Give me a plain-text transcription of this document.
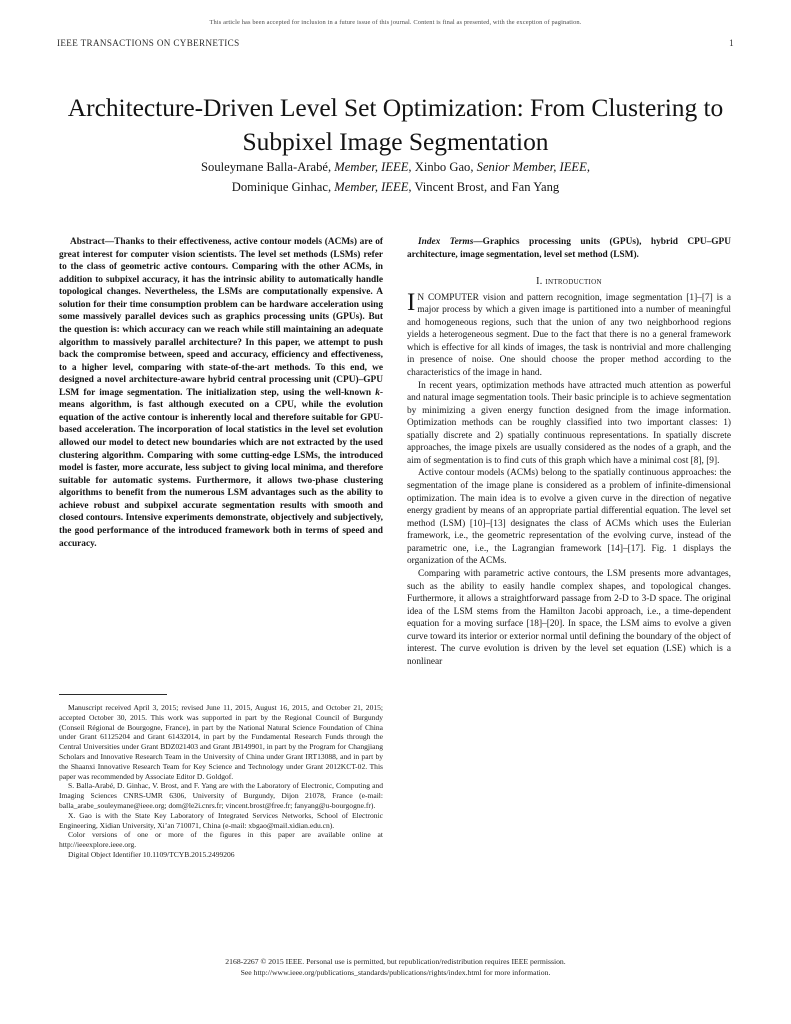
This article has been accepted for inclusion in a future issue of this journal. Content is final as presented, with the exception of pagination.
IEEE TRANSACTIONS ON CYBERNETICS	1
Architecture-Driven Level Set Optimization: From Clustering to Subpixel Image Segmentation
Souleymane Balla-Arabé, Member, IEEE, Xinbo Gao, Senior Member, IEEE,
Dominique Ginhac, Member, IEEE, Vincent Brost, and Fan Yang

Abstract—Thanks to their effectiveness, active contour models (ACMs) are of great interest for computer vision scientists. The level set methods (LSMs) refer to the class of geometric active contours. Comparing with the other ACMs, in addition to subpixel accuracy, it has the intrinsic ability to automatically handle topological changes. Nevertheless, the LSMs are computationally expensive. A solution for their time consumption problem can be hardware acceleration using some massively parallel devices such as graphics processing units (GPUs). But the question is: which accuracy can we reach while still maintaining an adequate algorithm to massively parallel architecture? In this paper, we attempt to push back the compromise between, speed and accuracy, efficiency and effectiveness, to a higher level, comparing with state-of-the-art methods. To this end, we designed a novel architecture-aware hybrid central processing unit (CPU)–GPU LSM for image segmentation. The initialization step, using the well-known k-means algorithm, is fast although executed on a CPU, while the evolution equation of the active contour is inherently local and therefore suitable for GPU-based acceleration. The incorporation of local statistics in the level set evolution allowed our model to detect new boundaries which are not extracted by the used clustering algorithm. Comparing with some cutting-edge LSMs, the introduced model is faster, more accurate, less subject to giving local minima, and therefore suitable for automatic systems. Furthermore, it allows two-phase clustering algorithms to benefit from the numerous LSM advantages such as the ability to achieve robust and subpixel accurate segmentation results with smooth and closed contours. Intensive experiments demonstrate, objectively and subjectively, the good performance of the introduced framework both in terms of speed and accuracy.

Index Terms—Graphics processing units (GPUs), hybrid CPU–GPU architecture, image segmentation, level set method (LSM).

I. introduction

I N COMPUTER vision and pattern recognition, image segmentation [1]–[7] is a major process by which a given image is partitioned into a number of meaningful and homogeneous regions, such that the union of any two neighborhood regions yields a heterogeneous segment. Due to the fact that there is no a general framework which is effective for all kinds of images, the task is nontrivial and more challenging in presence of noise. One should choose the proper method according to the characteristics of the image in hand.

In recent years, optimization methods have attracted much attention as powerful and natural image segmentation tools. Their basic principle is to achieve segmentation by minimizing a given energy function designed from the image information. Optimization methods can be roughly classified into two important classes: 1) spatially discrete and 2) spatially continuous representations. In spatially discrete approaches, the image pixels are usually considered as the nodes of a graph, and the aim of segmentation is to find cuts of this graph which have a minimal cost [8], [9].

Active contour models (ACMs) belong to the spatially continuous approaches: the segmentation of the image plane is considered as a problem of infinite-dimensional optimization. The main idea is to evolve a given curve in the direction of negative energy gradient by means of an appropriate partial differential equation. The level set method (LSM) [10]–[13] designates the class of ACMs which uses the Eulerian framework, i.e., the geometric representation of the evolving curve, instead of the parametric one, i.e., the Lagrangian framework [14]–[17]. Fig. 1 displays the organization of the ACMs.

Comparing with parametric active contours, the LSM presents more advantages, such as the ability to easily handle complex shapes, and topological changes. Furthermore, it allows a straightforward passage from 2-D to 3-D space. The original idea of the LSM stems from the Hamilton Jacobi approach, i.e., a time-dependent equation for a moving surface [18]–[20]. In space, the LSM aims to evolve a given curve toward its interior or exterior normal until defining the boundary of the object of interest. The curve evolution is driven by the level set equation (LSE) which is a nonlinear

Manuscript received April 3, 2015; revised June 11, 2015, August 16, 2015, and October 21, 2015; accepted October 30, 2015. This work was supported in part by the Regional Council of Burgundy (Conseil Régional de Bourgogne, France), in part by the National Natural Science Foundation of China under Grant 61125204 and Grant 61432014, in part by the Fundamental Research Funds through the Central Universities under Grant BDZ021403 and Grant JB149901, in part by the Program for Changjiang Scholars and Innovative Research Team in the University of China under Grant IRT13088, and in part by the Shaanxi Innovative Research Team for Key Science and Technology under Grant 2012KCT-02. This paper was recommended by Associate Editor D. Goldgof.

S. Balla-Arabé, D. Ginhac, V. Brost, and F. Yang are with the Laboratory of Electronic, Computing and Imaging Sciences CNRS-UMR 6306, University of Burgundy, Dijon 21078, France (e-mail: balla_arabe_souleymane@ieee.org; dom@le2i.cnrs.fr; vincent.brost@free.fr; fanyang@u-bourgogne.fr).

X. Gao is with the State Key Laboratory of Integrated Services Networks, School of Electronic Engineering, Xidian University, Xi’an 710071, China (e-mail: xbgao@mail.xidian.edu.cn).

Color versions of one or more of the figures in this paper are available online at http://ieeexplore.ieee.org.

Digital Object Identifier 10.1109/TCYB.2015.2499206

2168-2267 © 2015 IEEE. Personal use is permitted, but republication/redistribution requires IEEE permission.
See http://www.ieee.org/publications_standards/publications/rights/index.html for more information.
